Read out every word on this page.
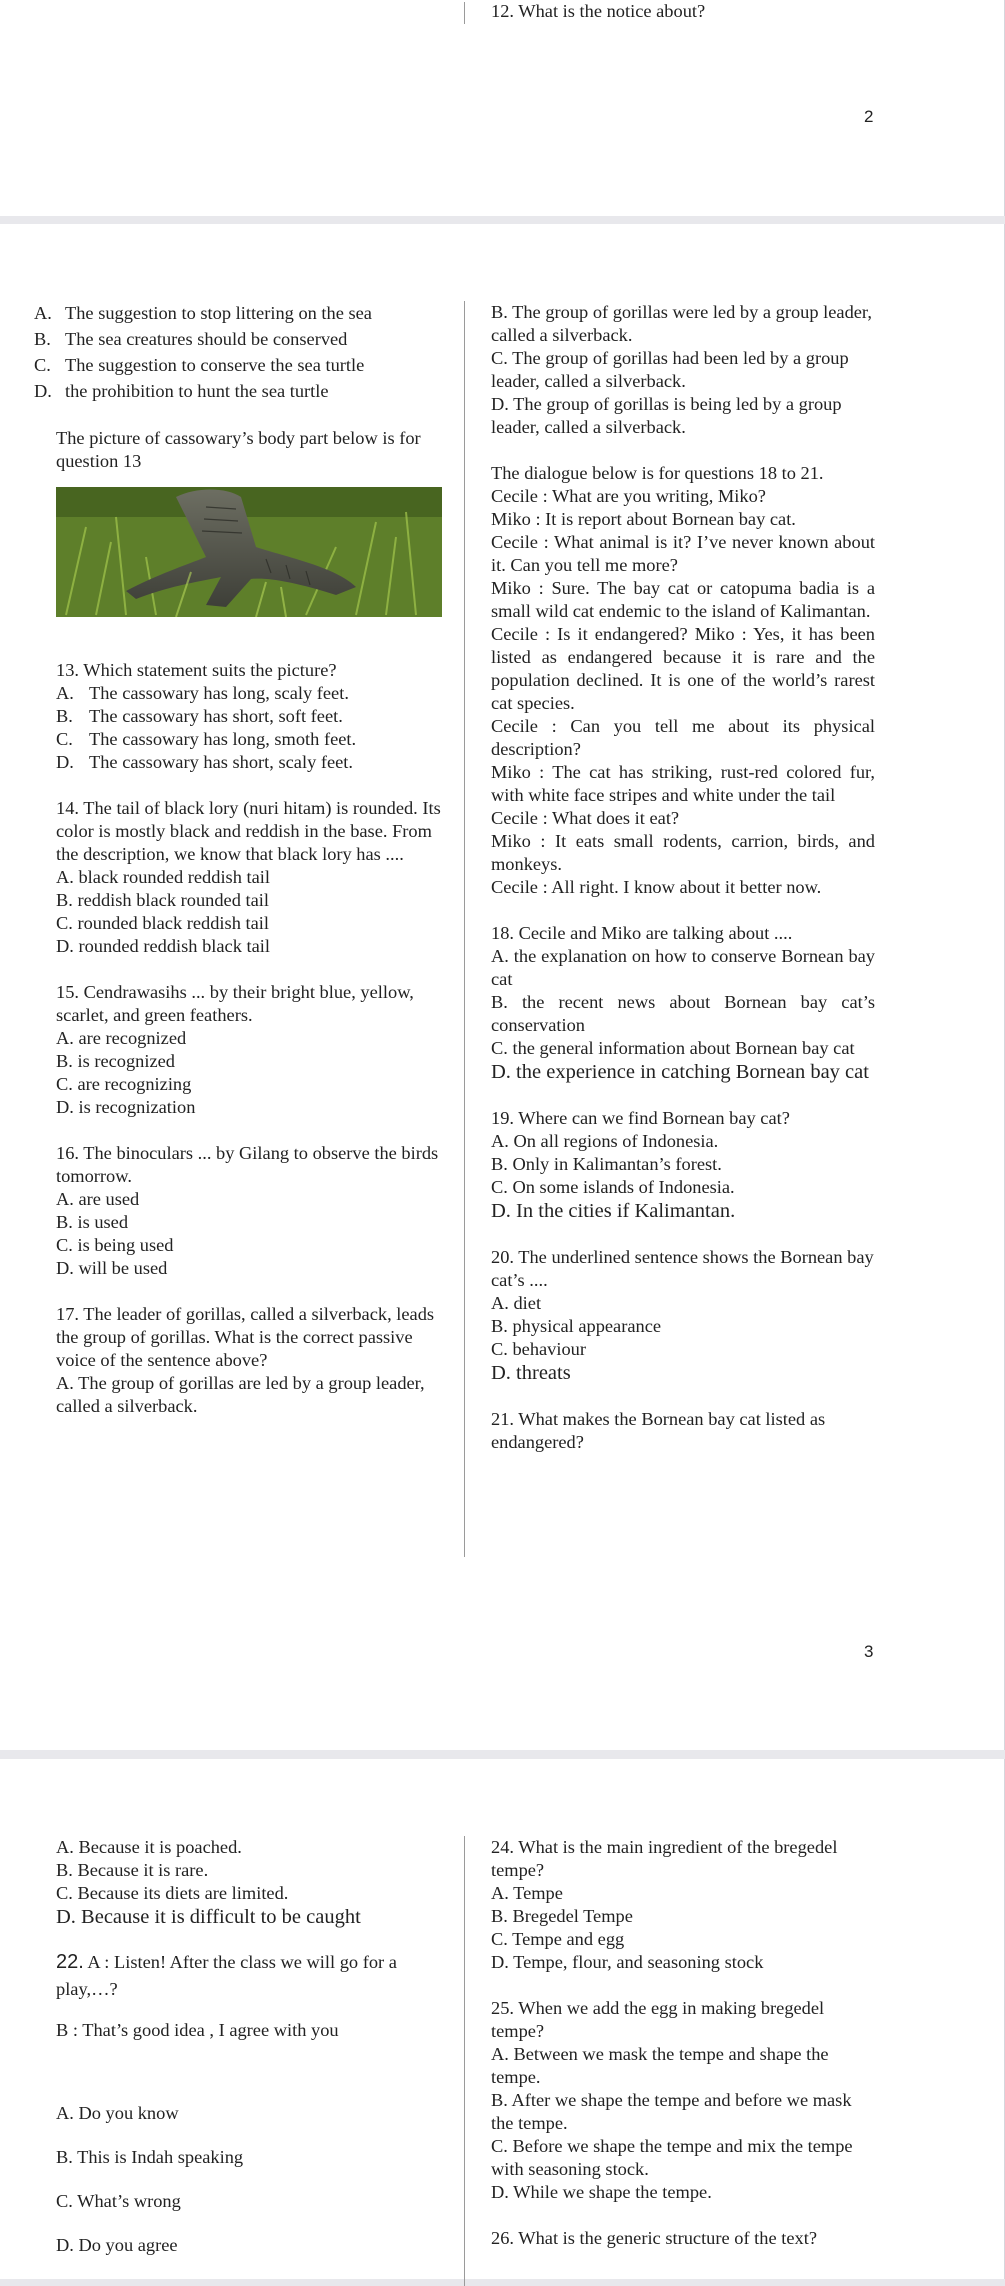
12. What is the notice about?

2
A. The suggestion to stop littering on the sea
B. The sea creatures should be conserved
C. The suggestion to conserve the sea turtle
D. the prohibition to hunt the sea turtle

The picture of cassowary’s body part below is for question 13

13. Which statement suits the picture?

A. The cassowary has long, scaly feet.
B. The cassowary has short, soft feet.
C. The cassowary has long, smoth feet.
D. The cassowary has short, scaly feet.

14. The tail of black lory (nuri hitam) is rounded. Its color is mostly black and reddish in the base. From the description, we know that black lory has ....

A. black rounded reddish tail

B. reddish black rounded tail

C. rounded black reddish tail

D. rounded reddish black tail

15. Cendrawasihs ... by their bright blue, yellow, scarlet, and green feathers.

A. are recognized

B. is recognized

C. are recognizing

D. is recognization

16. The binoculars ... by Gilang to observe the birds tomorrow.

A. are used

B. is used

C. is being used

D. will be used

17. The leader of gorillas, called a silverback, leads the group of gorillas. What is the correct passive voice of the sentence above?

A. The group of gorillas are led by a group leader, called a silverback.

B. The group of gorillas were led by a group leader, called a silverback.

C. The group of gorillas had been led by a group leader, called a silverback.

D. The group of gorillas is being led by a group leader, called a silverback.

The dialogue below is for questions 18 to 21.

Cecile : What are you writing, Miko?

Miko : It is report about Bornean bay cat.

Cecile : What animal is it? I’ve never known about it. Can you tell me more?

Miko : Sure. The bay cat or catopuma badia is a small wild cat endemic to the island of Kalimantan.

Cecile : Is it endangered? Miko : Yes, it has been listed as endangered because it is rare and the population declined. It is one of the world’s rarest cat species.

Cecile : Can you tell me about its physical description?

Miko : The cat has striking, rust-red colored fur, with white face stripes and white under the tail

Cecile : What does it eat?

Miko : It eats small rodents, carrion, birds, and monkeys.

Cecile : All right. I know about it better now.

18. Cecile and Miko are talking about ....

A. the explanation on how to conserve Bornean bay cat

B. the recent news about Bornean bay cat’s conservation

C. the general information about Bornean bay cat

D. the experience in catching Bornean bay cat

19. Where can we find Bornean bay cat?

A. On all regions of Indonesia.

B. Only in Kalimantan’s forest.

C. On some islands of Indonesia.

D. In the cities if Kalimantan.

20. The underlined sentence shows the Bornean bay cat’s ....

A. diet

B. physical appearance

C. behaviour

D. threats

21. What makes the Bornean bay cat listed as endangered?

3

A. Because it is poached.

B. Because it is rare.

C. Because its diets are limited.

D. Because it is difficult to be caught

22. A : Listen! After the class we will go for a play,…?

B : That’s good idea , I agree with you

A. Do you know

B. This is Indah speaking

C. What’s wrong

D. Do you agree

24. What is the main ingredient of the bregedel tempe?

A. Tempe

B. Bregedel Tempe

C. Tempe and egg

D. Tempe, flour, and seasoning stock

25. When we add the egg in making bregedel tempe?

A. Between we mask the tempe and shape the tempe.

B. After we shape the tempe and before we mask the tempe.

C. Before we shape the tempe and mix the tempe with seasoning stock.

D. While we shape the tempe.

26. What is the generic structure of the text?
